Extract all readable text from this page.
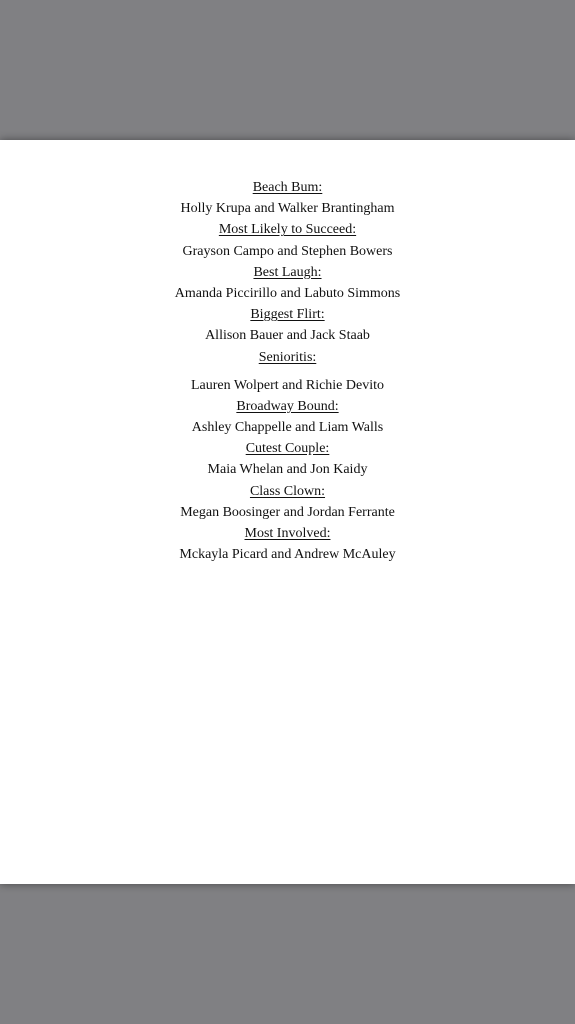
Beach Bum:
Holly Krupa and Walker Brantingham
Most Likely to Succeed:
Grayson Campo and Stephen Bowers
Best Laugh:
Amanda Piccirillo and Labuto Simmons
Biggest Flirt:
Allison Bauer and Jack Staab
Senioritis:
Lauren Wolpert and Richie Devito
Broadway Bound:
Ashley Chappelle and Liam Walls
Cutest Couple:
Maia Whelan and Jon Kaidy
Class Clown:
Megan Boosinger and Jordan Ferrante
Most Involved:
Mckayla Picard and Andrew McAuley
